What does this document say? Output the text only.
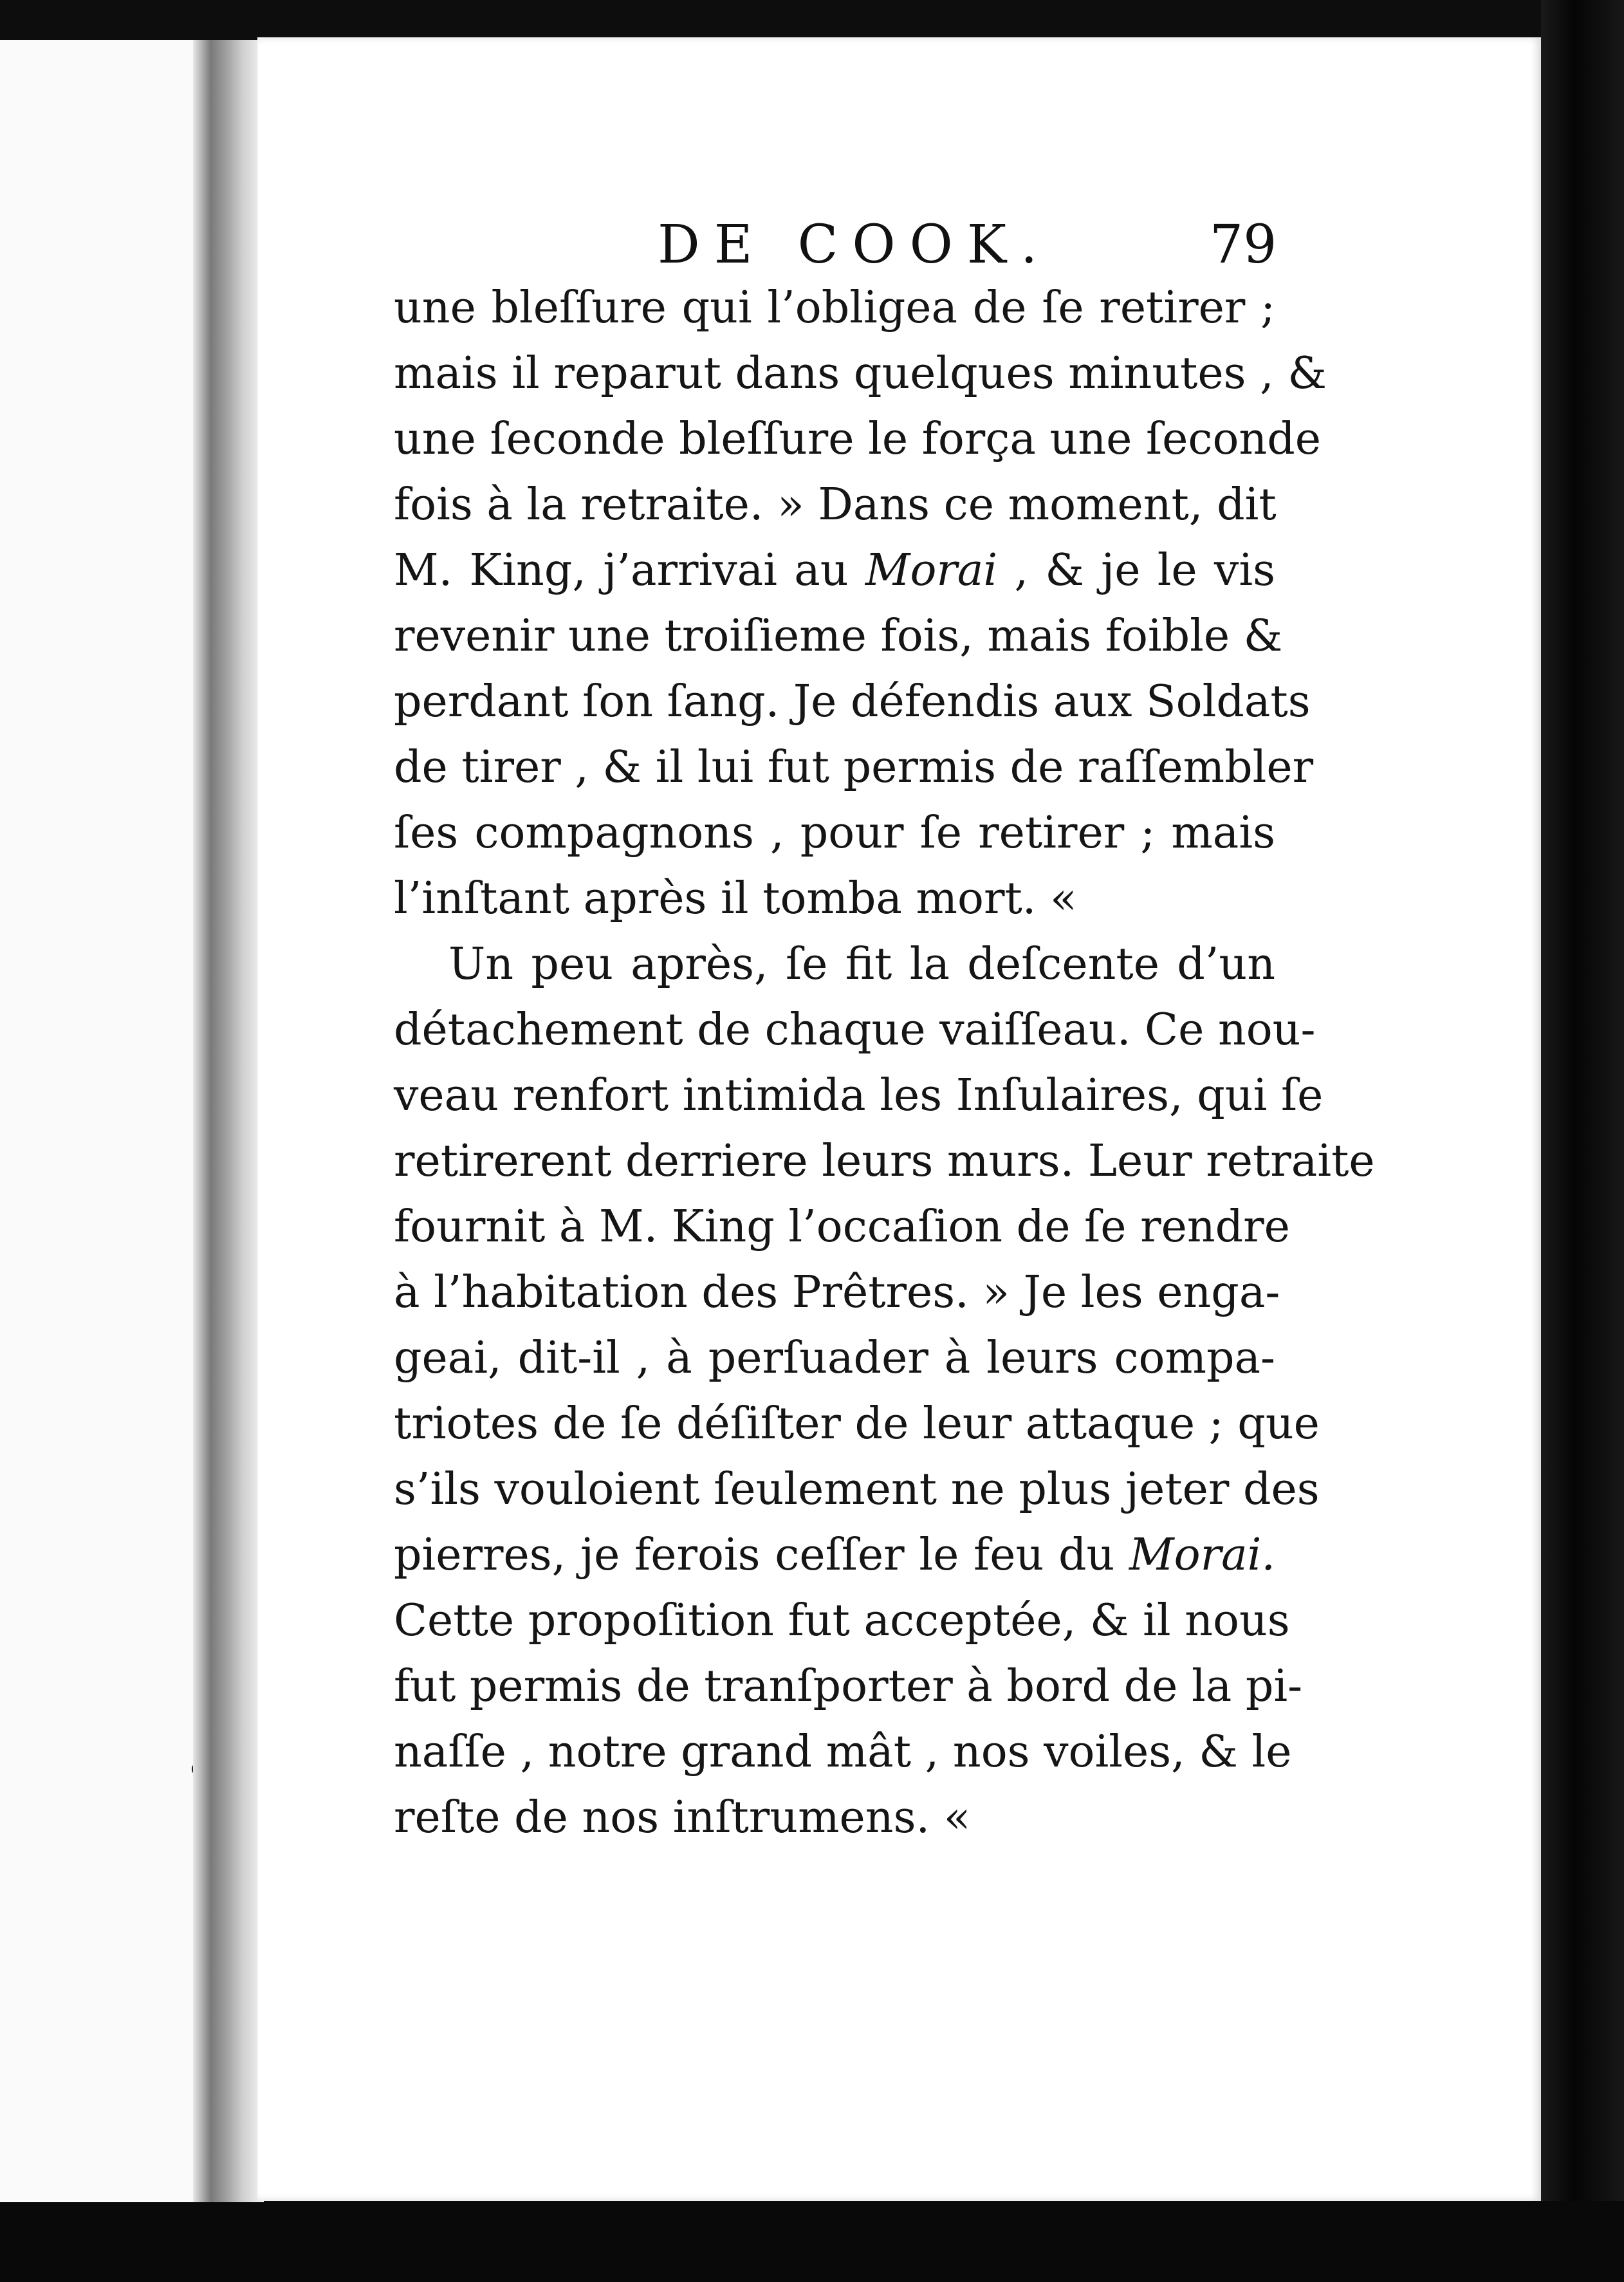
DE COOK.	79
une bleſſure qui l’obligea de ſe retirer ;
mais il reparut dans quelques minutes , &
une ſeconde bleſſure le força une ſeconde
fois à la retraite. » Dans ce moment, dit
M. King, j’arrivai au Morai , & je le vis
revenir une troiſieme fois, mais foible &
perdant ſon ſang. Je défendis aux Soldats
de tirer , & il lui fut permis de raſſembler
ſes compagnons , pour ſe retirer ; mais
l’inſtant après il tomba mort. «
Un peu après, ſe fit la deſcente d’un
détachement de chaque vaiſſeau. Ce nou-
veau renfort intimida les Inſulaires, qui ſe
retirerent derriere leurs murs. Leur retraite
fournit à M. King l’occaſion de ſe rendre
à l’habitation des Prêtres. » Je les enga-
geai, dit-il , à perſuader à leurs compa-
triotes de ſe déſiſter de leur attaque ; que
s’ils vouloient ſeulement ne plus jeter des
pierres, je ferois ceſſer le feu du Morai.
Cette propoſition fut acceptée, & il nous
fut permis de tranſporter à bord de la pi-
naſſe , notre grand mât , nos voiles, & le
reſte de nos inſtrumens. «
